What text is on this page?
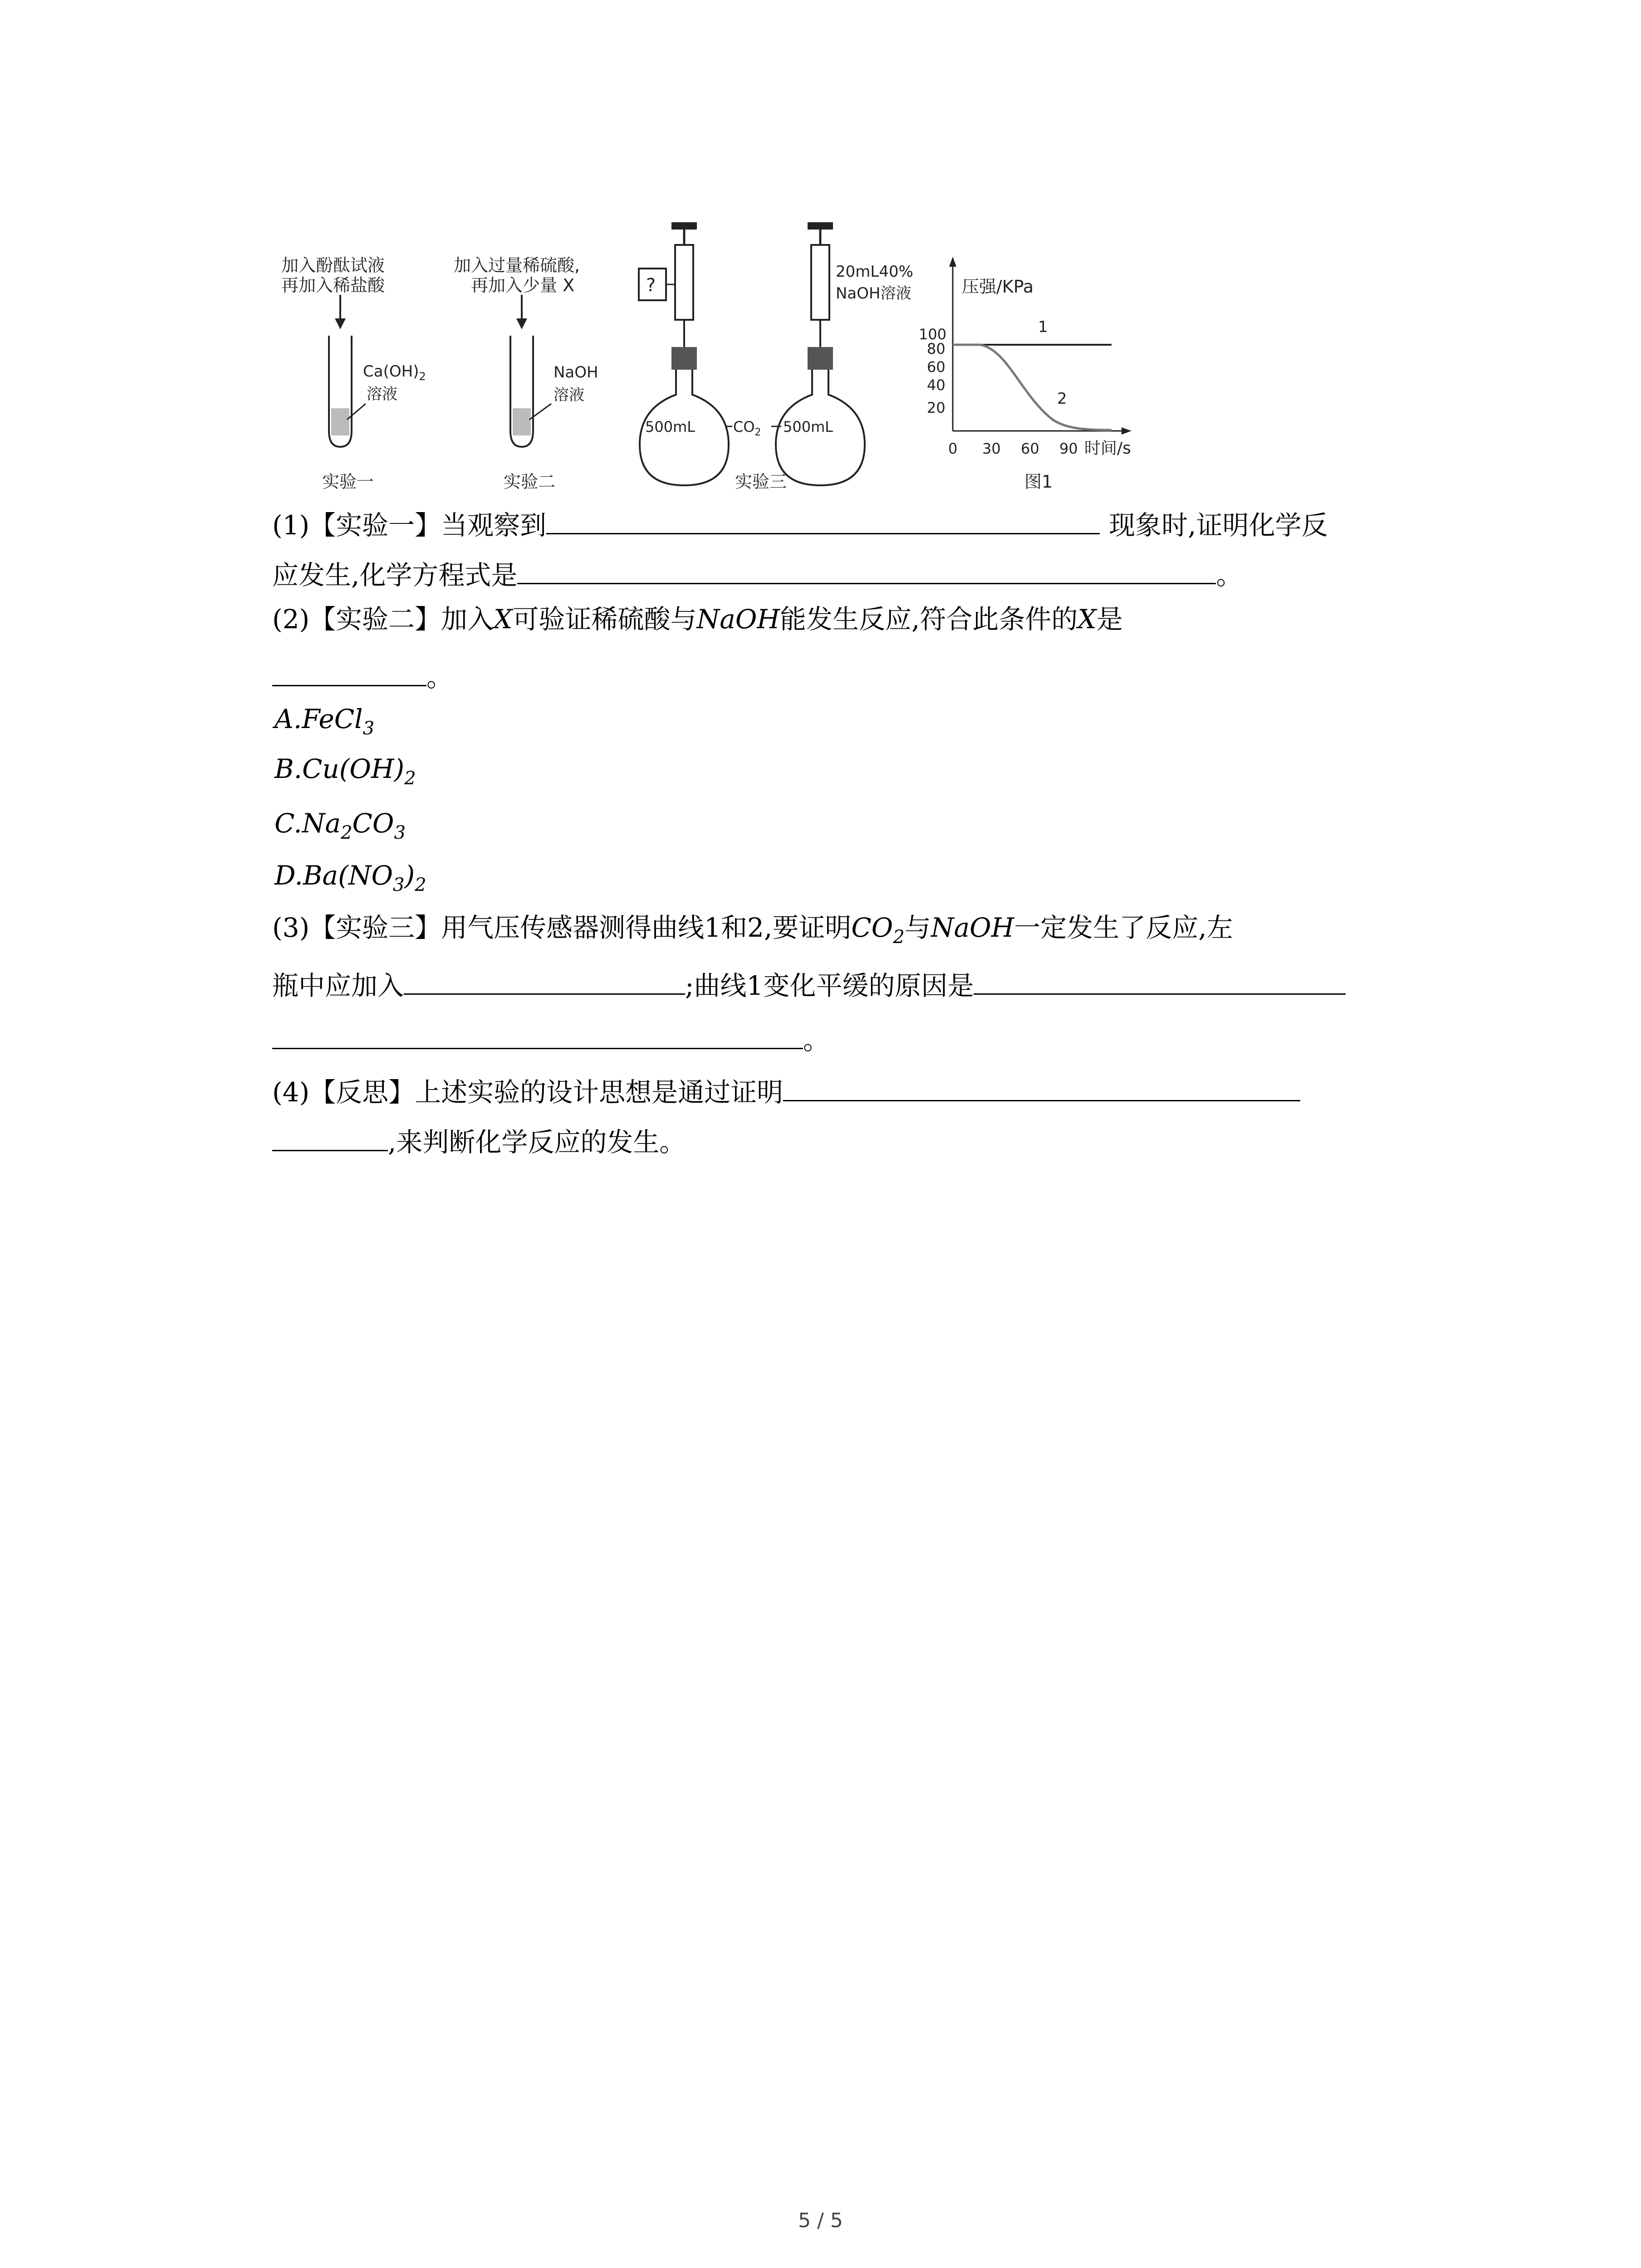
加入酚酞试液
再加入稀盐酸
$Ca(OH)_2$
溶液
实验一
加入过量稀硫酸,
再加入少量 X
NaOH
溶液
实验二
?
20mL40%
NaOH溶液
500mL	500mL
$CO_2$
实验三
压强/KPa
100
80
60
40
20
0 30 60 90 时间/s
1
2
图1
(1)【实验一】当观察到	现象时,证明化学反
应发生,化学方程式是	。
(2)【实验二】加入X可验证稀硫酸与NaOH能发生反应,符合此条件的X是
。
A.FeCl$_3$
$B.Cu(OH)_2$
$C.Na_2CO_3$
$D.Ba(NO_3)_2$
(3)【实验三】用气压传感器测得曲线1和2,要证明$CO_2$与NaOH一定发生了反应,左
瓶中应加入	;曲线1变化平缓的原因是
。
(4)【反思】上述实验的设计思想是通过证明
,来判断化学反应的发生。
5 / 5
